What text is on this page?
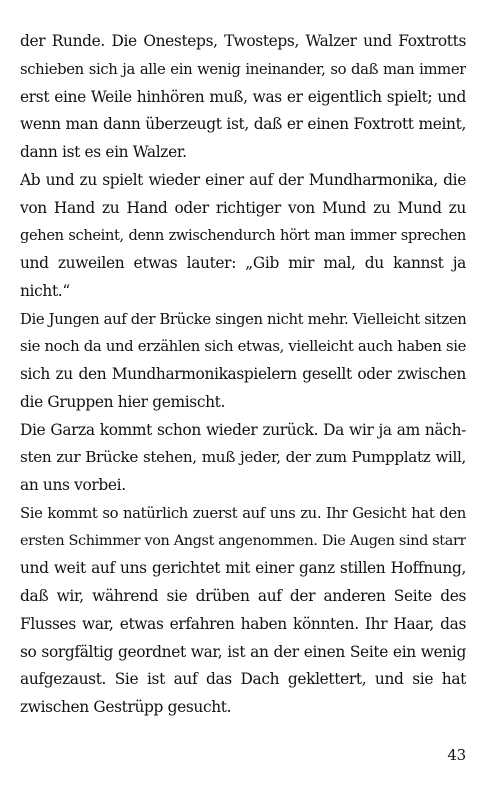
der Runde. Die Onesteps, Twosteps, Walzer und Foxtrotts
schieben sich ja alle ein wenig ineinander, so daß man immer
erst eine Weile hinhören muß, was er eigentlich spielt; und
wenn man dann überzeugt ist, daß er einen Foxtrott meint,
dann ist es ein Walzer.
Ab und zu spielt wieder einer auf der Mundharmonika, die
von Hand zu Hand oder richtiger von Mund zu Mund zu
gehen scheint, denn zwischendurch hört man immer sprechen
und zuweilen etwas lauter: „Gib mir mal, du kannst ja
nicht.“
Die Jungen auf der Brücke singen nicht mehr. Vielleicht sitzen
sie noch da und erzählen sich etwas, vielleicht auch haben sie
sich zu den Mundharmonikaspielern gesellt oder zwischen
die Gruppen hier gemischt.
Die Garza kommt schon wieder zurück. Da wir ja am näch-
sten zur Brücke stehen, muß jeder, der zum Pumpplatz will,
an uns vorbei.
Sie kommt so natürlich zuerst auf uns zu. Ihr Gesicht hat den
ersten Schimmer von Angst angenommen. Die Augen sind starr
und weit auf uns gerichtet mit einer ganz stillen Hoffnung,
daß wir, während sie drüben auf der anderen Seite des
Flusses war, etwas erfahren haben könnten. Ihr Haar, das
so sorgfältig geordnet war, ist an der einen Seite ein wenig
aufgezaust. Sie ist auf das Dach geklettert, und sie hat
zwischen Gestrüpp gesucht.
43
